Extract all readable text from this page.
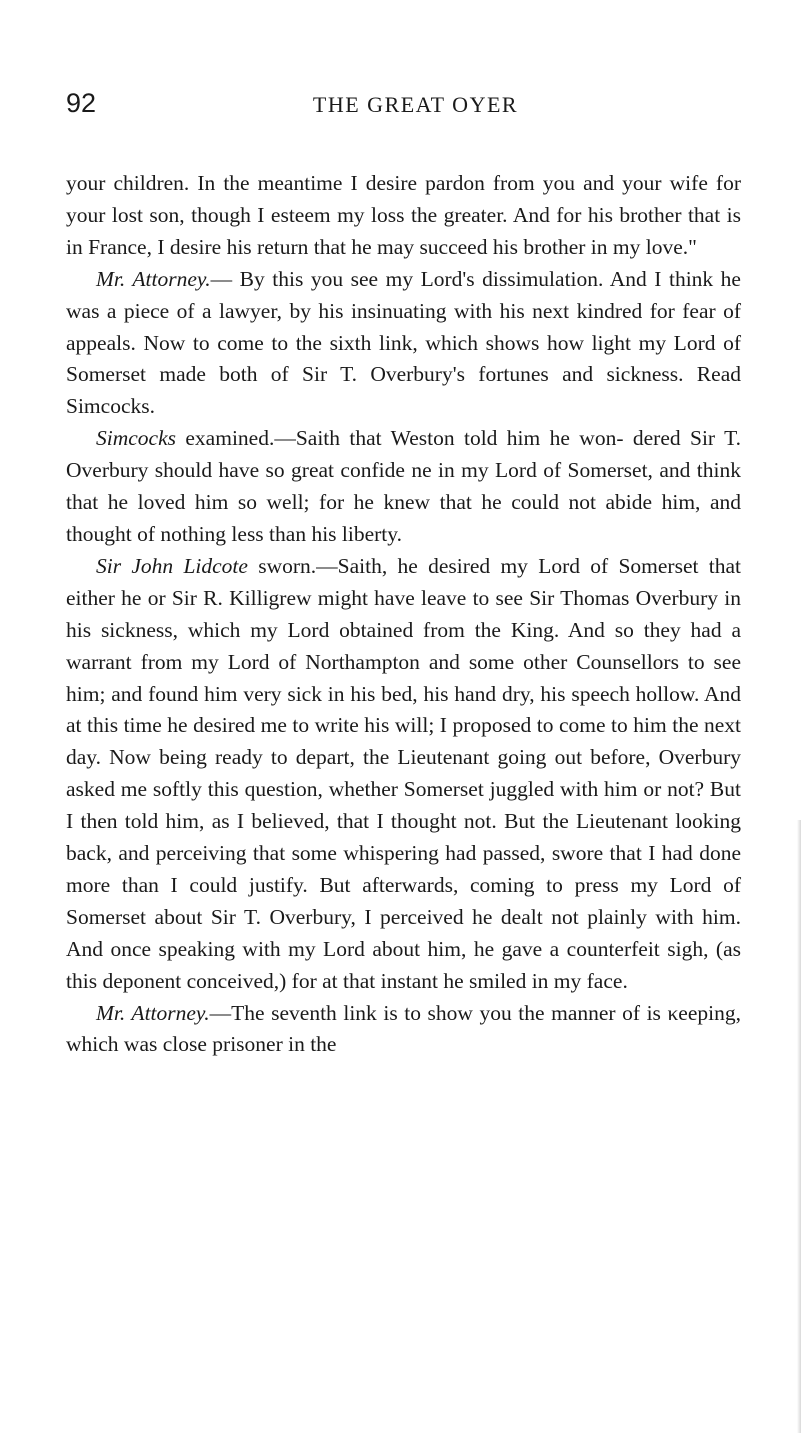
92	THE GREAT OYER

your children. In the meantime I desire pardon from you and your wife for your lost son, though I esteem my loss the greater. And for his brother that is in France, I desire his return that he may succeed his brother in my love."

Mr. Attorney.— By this you see my Lord's dissimulation. And I think he was a piece of a lawyer, by his insinuating with his next kindred for fear of appeals. Now to come to the sixth link, which shows how light my Lord of Somerset made both of Sir T. Overbury's fortunes and sickness. Read Simcocks.

Simcocks examined.—Saith that Weston told him he won- dered Sir T. Overbury should have so great confide ne in my Lord of Somerset, and think that he loved him so well; for he knew that he could not abide him, and thought of nothing less than his liberty.

Sir John Lidcote sworn.—Saith, he desired my Lord of Somerset that either he or Sir R. Killigrew might have leave to see Sir Thomas Overbury in his sickness, which my Lord obtained from the King. And so they had a warrant from my Lord of Northampton and some other Counsellors to see him; and found him very sick in his bed, his hand dry, his speech hollow. And at this time he desired me to write his will; I proposed to come to him the next day. Now being ready to depart, the Lieutenant going out before, Overbury asked me softly this question, whether Somerset juggled with him or not? But I then told him, as I believed, that I thought not. But the Lieutenant looking back, and perceiving that some whispering had passed, swore that I had done more than I could justify. But afterwards, coming to press my Lord of Somerset about Sir T. Overbury, I perceived he dealt not plainly with him. And once speaking with my Lord about him, he gave a counterfeit sigh, (as this deponent conceived,) for at that instant he smiled in my face.

Mr. Attorney.—The seventh link is to show you the manner of is κeeping, which was close prisoner in the
